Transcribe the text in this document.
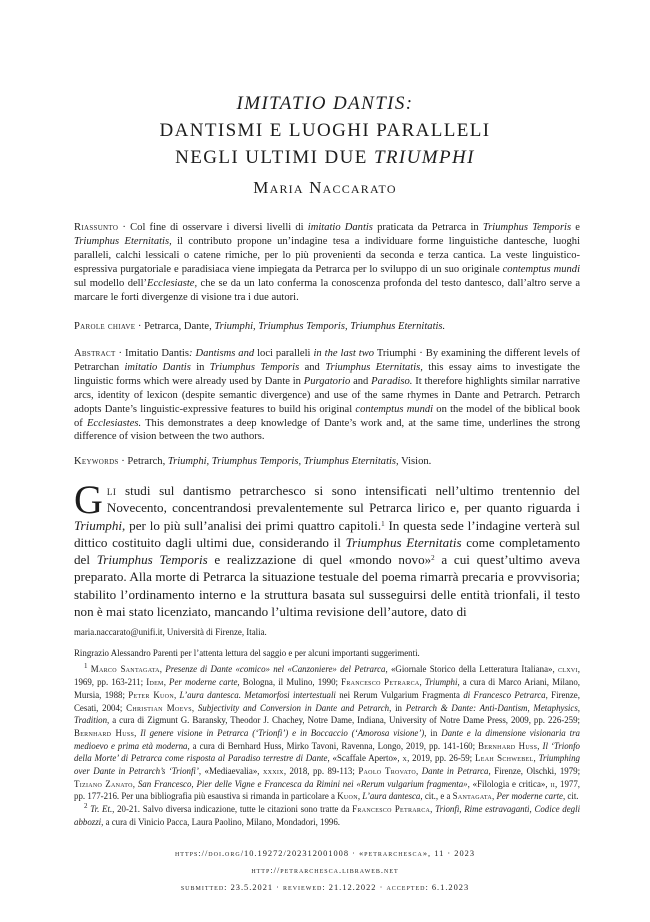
IMITATIO DANTIS:
DANTISMI E LUOGHI PARALLELI
NEGLI ULTIMI DUE TRIUMPHI
Maria Naccarato
Riassunto · Col fine di osservare i diversi livelli di imitatio Dantis praticata da Petrarca in Triumphus Temporis e Triumphus Eternitatis, il contributo propone un’indagine tesa a individuare forme linguistiche dantesche, luoghi paralleli, calchi lessicali o catene rimiche, per lo più provenienti da seconda e terza cantica. La veste linguistico-espressiva purgatoriale e paradisiaca viene impiegata da Petrarca per lo sviluppo di un suo originale contemptus mundi sul modello dell’Ecclesiaste, che se da un lato conferma la conoscenza profonda del testo dantesco, dall’altro serve a marcare le forti divergenze di visione tra i due autori.
Parole chiave · Petrarca, Dante, Triumphi, Triumphus Temporis, Triumphus Eternitatis.
Abstract · Imitatio Dantis: Dantisms and loci paralleli in the last two Triumphi · By examining the different levels of Petrarchan imitatio Dantis in Triumphus Temporis and Triumphus Eternitatis, this essay aims to investigate the linguistic forms which were already used by Dante in Purgatorio and Paradiso. It therefore highlights similar narrative arcs, identity of lexicon (despite semantic divergence) and use of the same rhymes in Dante and Petrarch. Petrarch adopts Dante’s linguistic-expressive features to build his original contemptus mundi on the model of the biblical book of Ecclesiastes. This demonstrates a deep knowledge of Dante’s work and, at the same time, underlines the strong difference of vision between the two authors.
Keywords · Petrarch, Triumphi, Triumphus Temporis, Triumphus Eternitatis, Vision.
Gli studi sul dantismo petrarchesco si sono intensificati nell’ultimo trentennio del Novecento, concentrandosi prevalentemente sul Petrarca lirico e, per quanto riguarda i Triumphi, per lo più sull’analisi dei primi quattro capitoli.$^1$ In questa sede l’indagine verterà sul dittico costituito dagli ultimi due, considerando il Triumphus Eternitatis come completamento del Triumphus Temporis e realizzazione di quel «mondo novo»$^2$ a cui quest’ultimo aveva preparato. Alla morte di Petrarca la situazione testuale del poema rimarrà precaria e provvisoria; stabilito l’ordinamento interno e la struttura basata sul susseguirsi delle entità trionfali, il testo non è mai stato licenziato, mancando l’ultima revisione dell’autore, dato di

maria.naccarato@unifi.it, Università di Firenze, Italia.

Ringrazio Alessandro Parenti per l’attenta lettura del saggio e per alcuni importanti suggerimenti.

$^1$ Marco Santagata, Presenze di Dante «comico» nel «Canzoniere» del Petrarca, «Giornale Storico della Letteratura Italiana», clxvi, 1969, pp. 163-211; Idem, Per moderne carte, Bologna, il Mulino, 1990; Francesco Petrarca, Triumphi, a cura di Marco Ariani, Milano, Mursia, 1988; Peter Kuon, L’aura dantesca. Metamorfosi intertestuali nei Rerum Vulgarium Fragmenta di Francesco Petrarca, Firenze, Cesati, 2004; Christian Moevs, Subjectivity and Conversion in Dante and Petrarch, in Petrarch & Dante: Anti-Dantism, Metaphysics, Tradition, a cura di Zigmunt G. Baransky, Theodor J. Chachey, Notre Dame, Indiana, University of Notre Dame Press, 2009, pp. 226-259; Bernhard Huss, Il genere visione in Petrarca (‘Trionfi’) e in Boccaccio (‘Amorosa visione’), in Dante e la dimensione visionaria tra medioevo e prima età moderna, a cura di Bernhard Huss, Mirko Tavoni, Ravenna, Longo, 2019, pp. 141-160; Bernhard Huss, Il ‘Trionfo della Morte’ di Petrarca come risposta al Paradiso terrestre di Dante, «Scaffale Aperto», x, 2019, pp. 26-59; Leah Schwebel, Triumphing over Dante in Petrarch’s ‘Trionfi’, «Mediaevalia», xxxix, 2018, pp. 89-113; Paolo Trovato, Dante in Petrarca, Firenze, Olschki, 1979; Tiziano Zanato, San Francesco, Pier delle Vigne e Francesca da Rimini nei «Rerum vulgarium fragmenta», «Filologia e critica», ii, 1977, pp. 177-216. Per una bibliografia più esaustiva si rimanda in particolare a Kuon, L’aura dantesca, cit., e a Santagata, Per moderne carte, cit.

$^2$ Tr. Et., 20-21. Salvo diversa indicazione, tutte le citazioni sono tratte da Francesco Petrarca, Trionfi, Rime estravaganti, Codice degli abbozzi, a cura di Vinicio Pacca, Laura Paolino, Milano, Mondadori, 1996.

https://doi.org/10.19272/202312001008 · «petrarchesca», 11 · 2023
http://petrarchesca.libraweb.net
submitted: 23.5.2021 · reviewed: 21.12.2022 · accepted: 6.1.2023
